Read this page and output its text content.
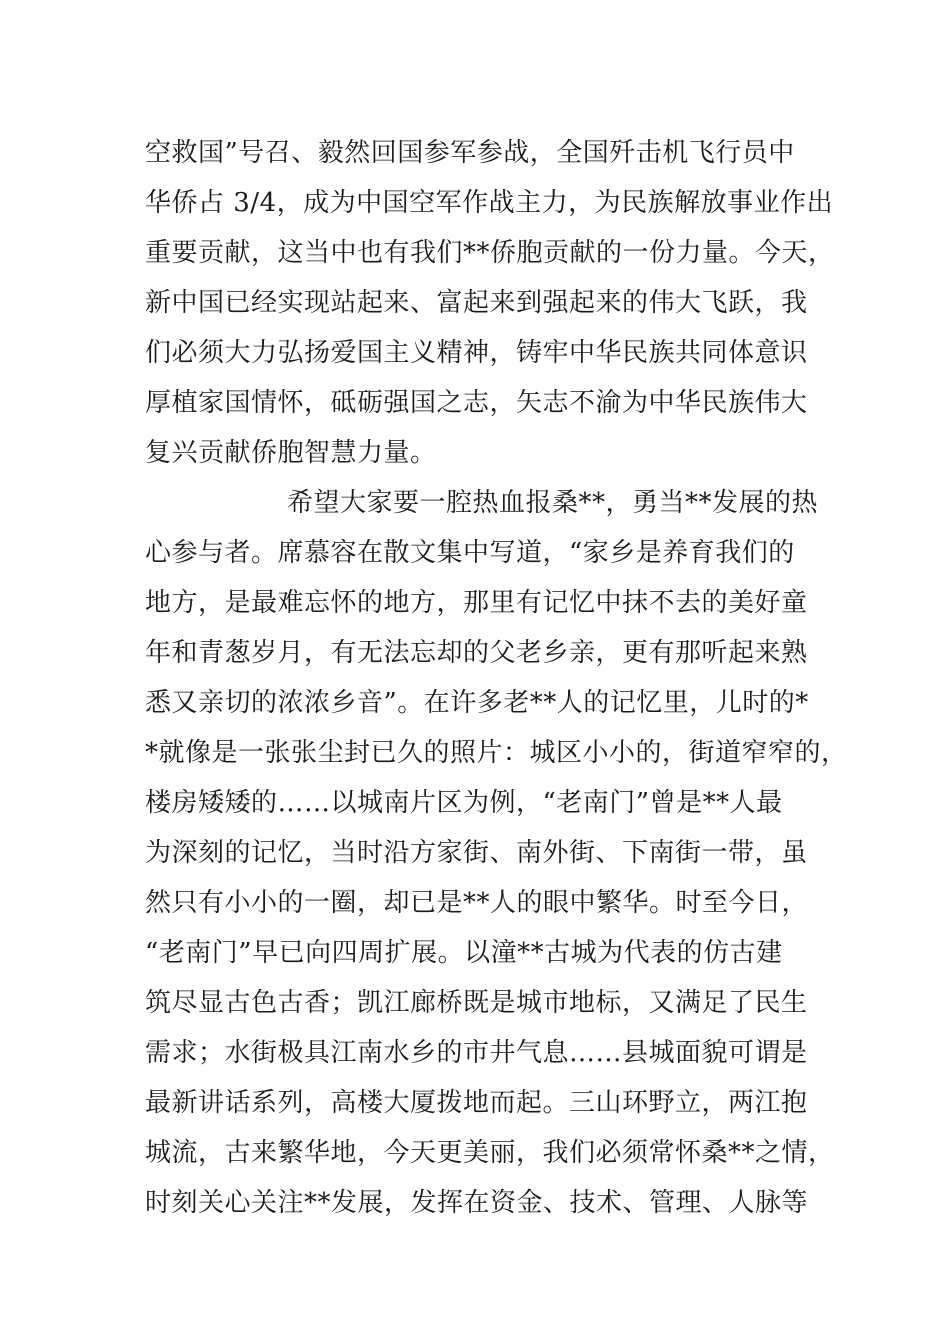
空救国”号召、毅然回国参军参战，全国歼击机飞行员中
华侨占 3/4，成为中国空军作战主力，为民族解放事业作出
重要贡献，这当中也有我们**侨胞贡献的一份力量。今天，
新中国已经实现站起来、富起来到强起来的伟大飞跃，我
们必须大力弘扬爱国主义精神，铸牢中华民族共同体意识
厚植家国情怀，砥砺强国之志，矢志不渝为中华民族伟大
复兴贡献侨胞智慧力量。
希望大家要一腔热血报桑**，勇当**发展的热
心参与者。席慕容在散文集中写道，“家乡是养育我们的
地方，是最难忘怀的地方，那里有记忆中抹不去的美好童
年和青葱岁月，有无法忘却的父老乡亲，更有那听起来熟
悉又亲切的浓浓乡音”。在许多老**人的记忆里，儿时的*
*就像是一张张尘封已久的照片：城区小小的，街道窄窄的，
楼房矮矮的……以城南片区为例，“老南门”曾是**人最
为深刻的记忆，当时沿方家街、南外街、下南街一带，虽
然只有小小的一圈，却已是**人的眼中繁华。时至今日，
“老南门”早已向四周扩展。以潼**古城为代表的仿古建
筑尽显古色古香；凯江廊桥既是城市地标，又满足了民生
需求；水街极具江南水乡的市井气息……县城面貌可谓是
最新讲话系列，高楼大厦拨地而起。三山环野立，两江抱
城流，古来繁华地，今天更美丽，我们必须常怀桑**之情，
时刻关心关注**发展，发挥在资金、技术、管理、人脉等
